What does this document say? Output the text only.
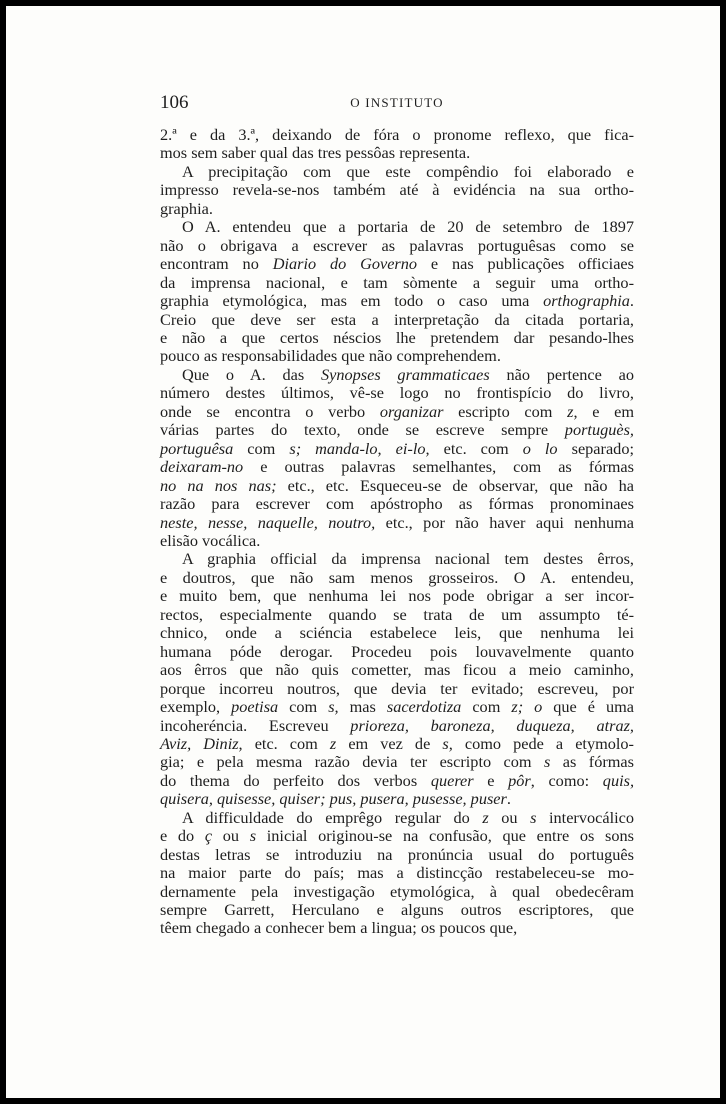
106	O INSTITUTO
2.ª e da 3.ª, deixando de fóra o pronome reflexo, que fica-
mos sem saber qual das tres pessôas representa.
A precipitação com que este compêndio foi elaborado e
impresso revela-se-nos também até à evidéncia na sua ortho-
graphia.
O A. entendeu que a portaria de 20 de setembro de 1897
não o obrigava a escrever as palavras portuguêsas como se
encontram no Diario do Governo e nas publicações officiaes
da imprensa nacional, e tam sòmente a seguir uma ortho-
graphia etymológica, mas em todo o caso uma orthographia.
Creio que deve ser esta a interpretação da citada portaria,
e não a que certos néscios lhe pretendem dar pesando-lhes
pouco as responsabilidades que não comprehendem.
Que o A. das Synopses grammaticaes não pertence ao
número destes últimos, vê-se logo no frontispício do livro,
onde se encontra o verbo organizar escripto com z, e em
várias partes do texto, onde se escreve sempre portuguès,
portuguêsa com s; manda-lo, ei-lo, etc. com o lo separado;
deixaram-no e outras palavras semelhantes, com as fórmas
no na nos nas; etc., etc. Esqueceu-se de observar, que não ha
razão para escrever com apóstropho as fórmas pronominaes
neste, nesse, naquelle, noutro, etc., por não haver aqui nenhuma
elisão vocálica.
A graphia official da imprensa nacional tem destes êrros,
e doutros, que não sam menos grosseiros. O A. entendeu,
e muito bem, que nenhuma lei nos pode obrigar a ser incor-
rectos, especialmente quando se trata de um assumpto té-
chnico, onde a sciéncia estabelece leis, que nenhuma lei
humana póde derogar. Procedeu pois louvavelmente quanto
aos êrros que não quis cometter, mas ficou a meio caminho,
porque incorreu noutros, que devia ter evitado; escreveu, por
exemplo, poetisa com s, mas sacerdotiza com z; o que é uma
incoheréncia. Escreveu prioreza, baroneza, duqueza, atraz,
Aviz, Diniz, etc. com z em vez de s, como pede a etymolo-
gia; e pela mesma razão devia ter escripto com s as fórmas
do thema do perfeito dos verbos querer e pôr, como: quis,
quisera, quisesse, quiser; pus, pusera, pusesse, puser.
A difficuldade do emprêgo regular do z ou s intervocálico
e do ç ou s inicial originou-se na confusão, que entre os sons
destas letras se introduziu na pronúncia usual do português
na maior parte do país; mas a distincção restabeleceu-se mo-
dernamente pela investigação etymológica, à qual obedecêram
sempre Garrett, Herculano e alguns outros escriptores, que
têem chegado a conhecer bem a lingua; os poucos que,
